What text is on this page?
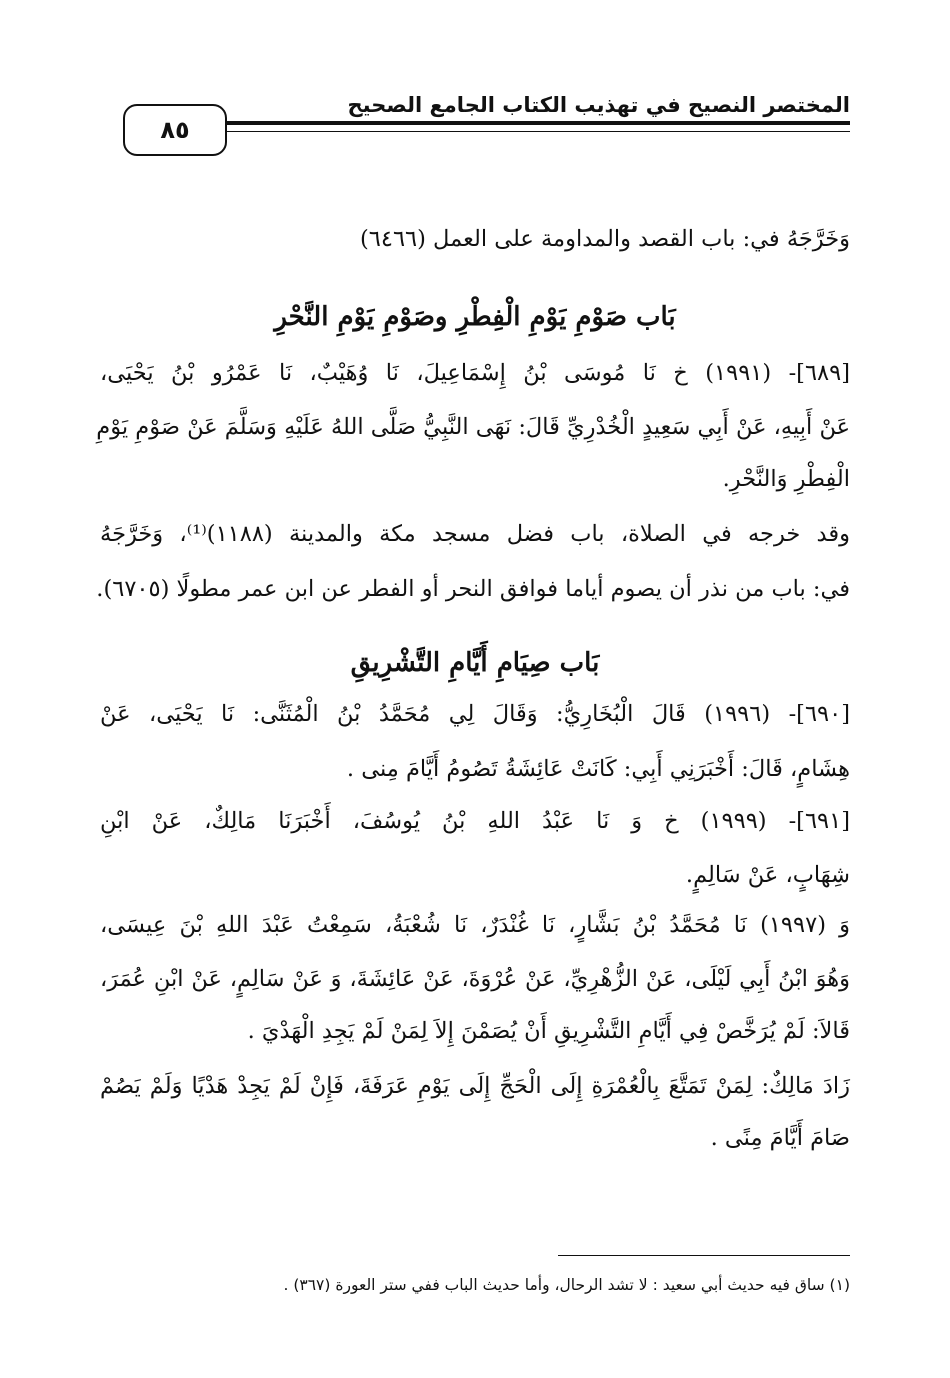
٨٥
المختصر النصيح في تهذيب الكتاب الجامع الصحيح
وَخَرَّجَهُ في: باب القصد والمداومة على العمل (٦٤٦٦)
بَاب صَوْمِ يَوْمِ الْفِطْرِ وصَوْمِ يَوْمِ النَّحْرِ
[٦٨٩]- (١٩٩١) خ نَا مُوسَى بْنُ إِسْمَاعِيلَ، نَا وُهَيْبٌ، نَا عَمْرُو بْنُ يَحْيَى،
عَنْ أَبِيهِ، عَنْ أَبِي سَعِيدٍ الْخُدْرِيِّ قَالَ: نَهَى النَّبِيُّ صَلَّى اللهُ عَلَيْهِ وَسَلَّمَ عَنْ صَوْمِ يَوْمِ
الْفِطْرِ وَالنَّحْرِ.
وقد خرجه في الصلاة، باب فضل مسجد مكة والمدينة (١١٨٨)⁽¹⁾، وَخَرَّجَهُ
في: باب من نذر أن يصوم أياما فوافق النحر أو الفطر عن ابن عمر مطولًا (٦٧٠٥).
بَاب صِيَامِ أَيَّامِ التَّشْرِيقِ
[٦٩٠]- (١٩٩٦) قَالَ الْبُخَارِيُّ: وَقَالَ لِي مُحَمَّدُ بْنُ الْمُثَنَّى: نَا يَحْيَى، عَنْ
هِشَامٍ، قَالَ: أَخْبَرَنِي أَبِي: كَانَتْ عَائِشَةُ تَصُومُ أَيَّامَ مِنى .
[٦٩١]- (١٩٩٩) خ وَ نَا عَبْدُ اللهِ بْنُ يُوسُفَ، أَخْبَرَنَا مَالِكٌ، عَنْ ابْنِ
شِهَابٍ، عَنْ سَالِمٍ.
وَ (١٩٩٧) نَا مُحَمَّدُ بْنُ بَشَّارٍ، نَا غُنْدَرٌ، نَا شُعْبَةُ، سَمِعْتُ عَبْدَ اللهِ بْنَ عِيسَى،
وَهُوَ ابْنُ أَبِي لَيْلَى، عَنْ الزُّهْرِيِّ، عَنْ عُرْوَةَ، عَنْ عَائِشَةَ، وَ عَنْ سَالِمٍ، عَنْ ابْنِ عُمَرَ،
قَالاَ: لَمْ يُرَخَّصْ فِي أَيَّامِ التَّشْرِيقِ أَنْ يُصَمْنَ إِلاَ لِمَنْ لَمْ يَجِدِ الْهَدْيَ .
زَادَ مَالِكٌ: لِمَنْ تَمَتَّعَ بِالْعُمْرَةِ إِلَى الْحَجِّ إِلَى يَوْمِ عَرَفَةَ، فَإِنْ لَمْ يَجِدْ هَدْيًا وَلَمْ يَصُمْ
صَامَ أَيَّامَ مِنًى .
(١) ساق فيه حديث أبي سعيد : لا تشد الرحال، وأما حديث الباب ففي ستر العورة (٣٦٧) .
